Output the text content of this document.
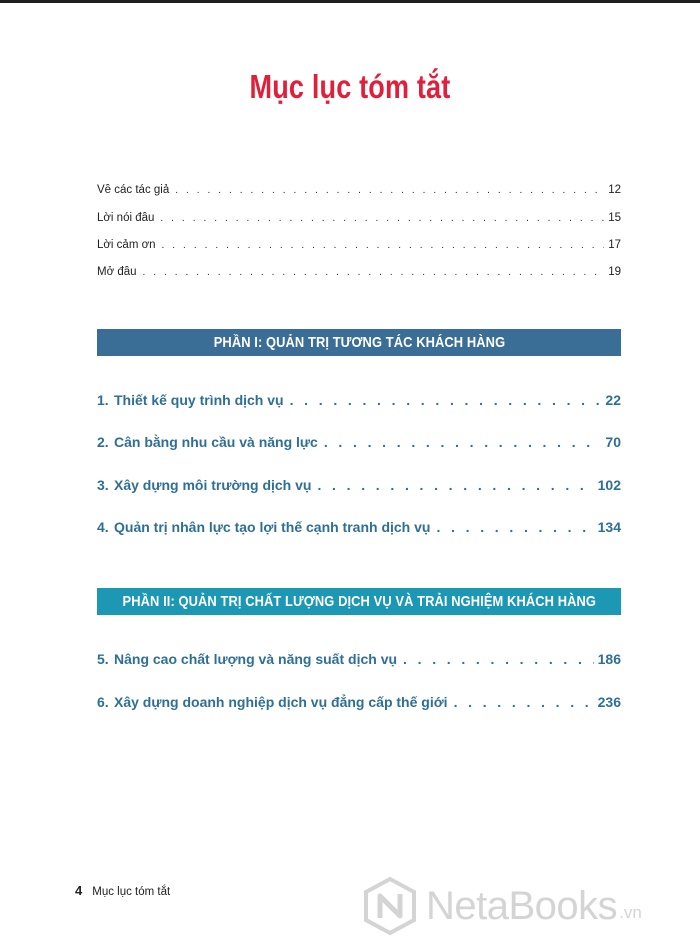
Mục lục tóm tắt
Về các tác giả . . .	12
Lời nói đầu . . .	15
Lời cảm ơn . . .	17
Mở đầu . . .	19
PHẦN I: QUẢN TRỊ TƯƠNG TÁC KHÁCH HÀNG
1. Thiết kế quy trình dịch vụ . . .	22
2. Cân bằng nhu cầu và năng lực . . .	70
3. Xây dựng môi trường dịch vụ . . .	102
4. Quản trị nhân lực tạo lợi thế cạnh tranh dịch vụ . . .	134
PHẦN II: QUẢN TRỊ CHẤT LƯỢNG DỊCH VỤ VÀ TRẢI NGHIỆM KHÁCH HÀNG
5. Nâng cao chất lượng và năng suất dịch vụ . . .	186
6. Xây dựng doanh nghiệp dịch vụ đẳng cấp thế giới . . .	236
4 Mục lục tóm tắt	NetaBooks .vn
